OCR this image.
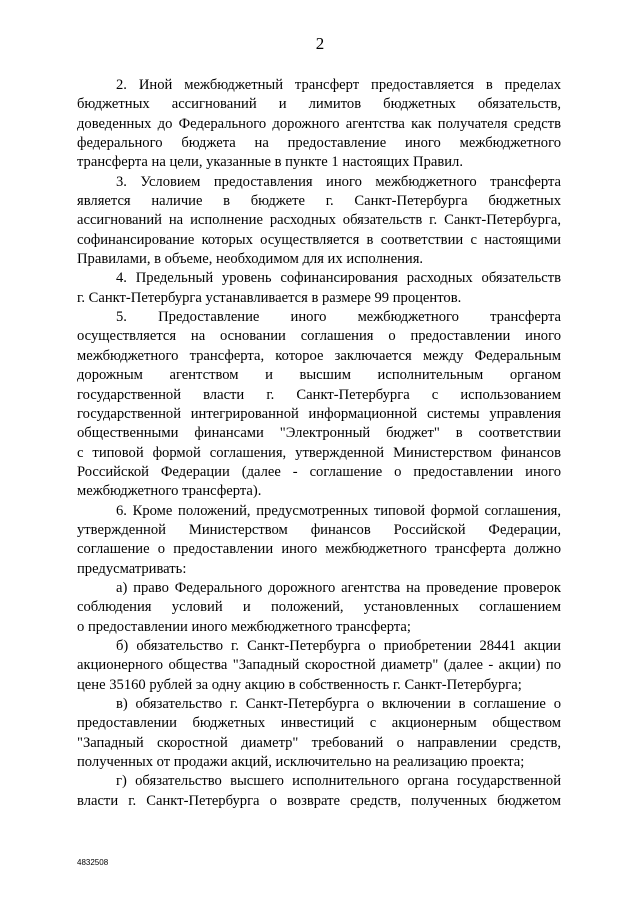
2

2. Иной межбюджетный трансферт предоставляется в пределах
бюджетных ассигнований и лимитов бюджетных обязательств,
доведенных до Федерального дорожного агентства как получателя средств
федерального бюджета на предоставление иного межбюджетного
трансферта на цели, указанные в пункте 1 настоящих Правил.

3. Условием предоставления иного межбюджетного трансферта
является наличие в бюджете г. Санкт-Петербурга бюджетных
ассигнований на исполнение расходных обязательств г. Санкт-Петербурга,
софинансирование которых осуществляется в соответствии с настоящими
Правилами, в объеме, необходимом для их исполнения.

4. Предельный уровень софинансирования расходных обязательств
г. Санкт-Петербурга устанавливается в размере 99 процентов.

5. Предоставление иного межбюджетного трансферта
осуществляется на основании соглашения о предоставлении иного
межбюджетного трансферта, которое заключается между Федеральным
дорожным агентством и высшим исполнительным органом
государственной власти г. Санкт-Петербурга с использованием
государственной интегрированной информационной системы управления
общественными финансами "Электронный бюджет" в соответствии
с типовой формой соглашения, утвержденной Министерством финансов
Российской Федерации (далее - соглашение о предоставлении иного
межбюджетного трансферта).

6. Кроме положений, предусмотренных типовой формой соглашения,
утвержденной Министерством финансов Российской Федерации,
соглашение о предоставлении иного межбюджетного трансферта должно
предусматривать:

а) право Федерального дорожного агентства на проведение проверок
соблюдения условий и положений, установленных соглашением
о предоставлении иного межбюджетного трансферта;

б) обязательство г. Санкт-Петербурга о приобретении 28441 акции
акционерного общества "Западный скоростной диаметр" (далее - акции) по
цене 35160 рублей за одну акцию в собственность г. Санкт-Петербурга;

в) обязательство г. Санкт-Петербурга о включении в соглашение о
предоставлении бюджетных инвестиций с акционерным обществом
"Западный скоростной диаметр" требований о направлении средств,
полученных от продажи акций, исключительно на реализацию проекта;

г) обязательство высшего исполнительного органа государственной
власти г. Санкт-Петербурга о возврате средств, полученных бюджетом

4832508
